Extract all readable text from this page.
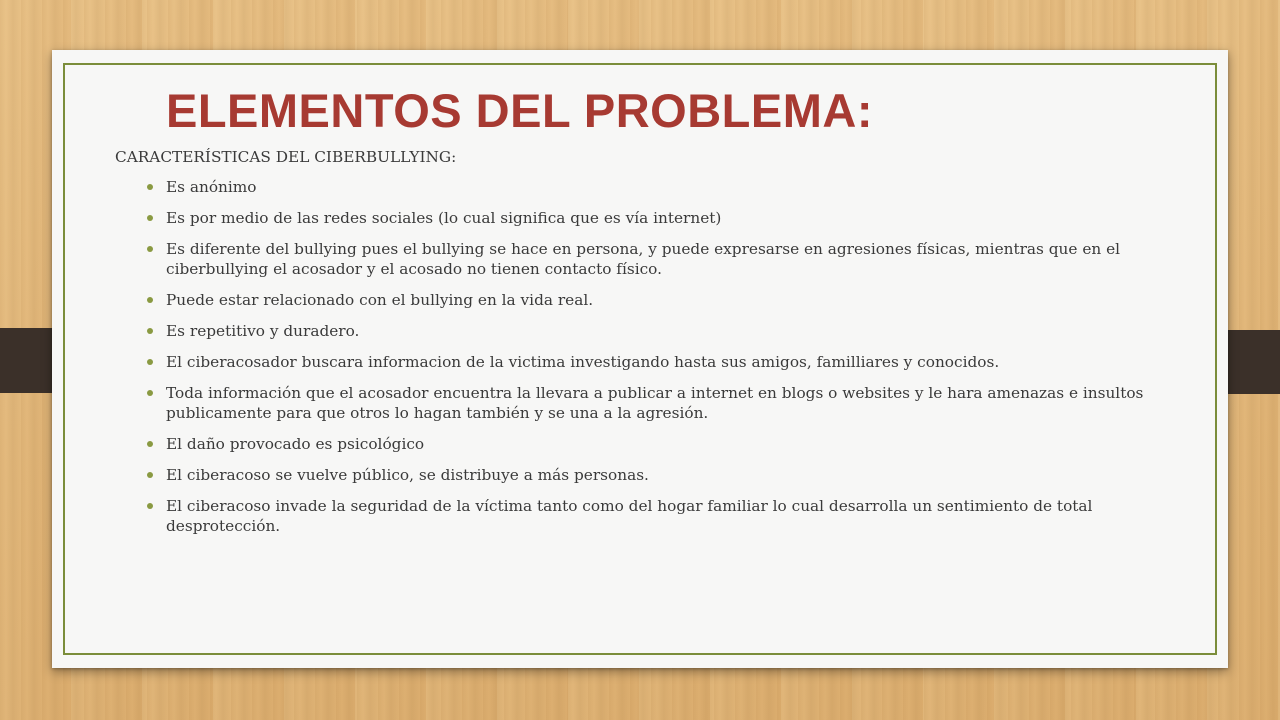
ELEMENTOS DEL PROBLEMA:

CARACTERÍSTICAS DEL CIBERBULLYING:

Es anónimo
Es por medio de las redes sociales (lo cual significa que es vía internet)
Es diferente del bullying pues el bullying se hace en persona, y puede expresarse en agresiones físicas, mientras que en el ciberbullying el acosador y el acosado no tienen contacto físico.
Puede estar relacionado con el bullying en la vida real.
Es repetitivo y duradero.
El ciberacosador buscara informacion de la victima investigando hasta sus amigos, familliares y conocidos.
Toda información que el acosador encuentra la llevara a publicar a internet en blogs o websites y le hara amenazas e insultos publicamente para que otros lo hagan también y se una a la agresión.
El daño provocado es psicológico
El ciberacoso se vuelve público, se distribuye a más personas.
El ciberacoso invade la seguridad de la víctima tanto como del hogar familiar lo cual desarrolla un sentimiento de total desprotección.
